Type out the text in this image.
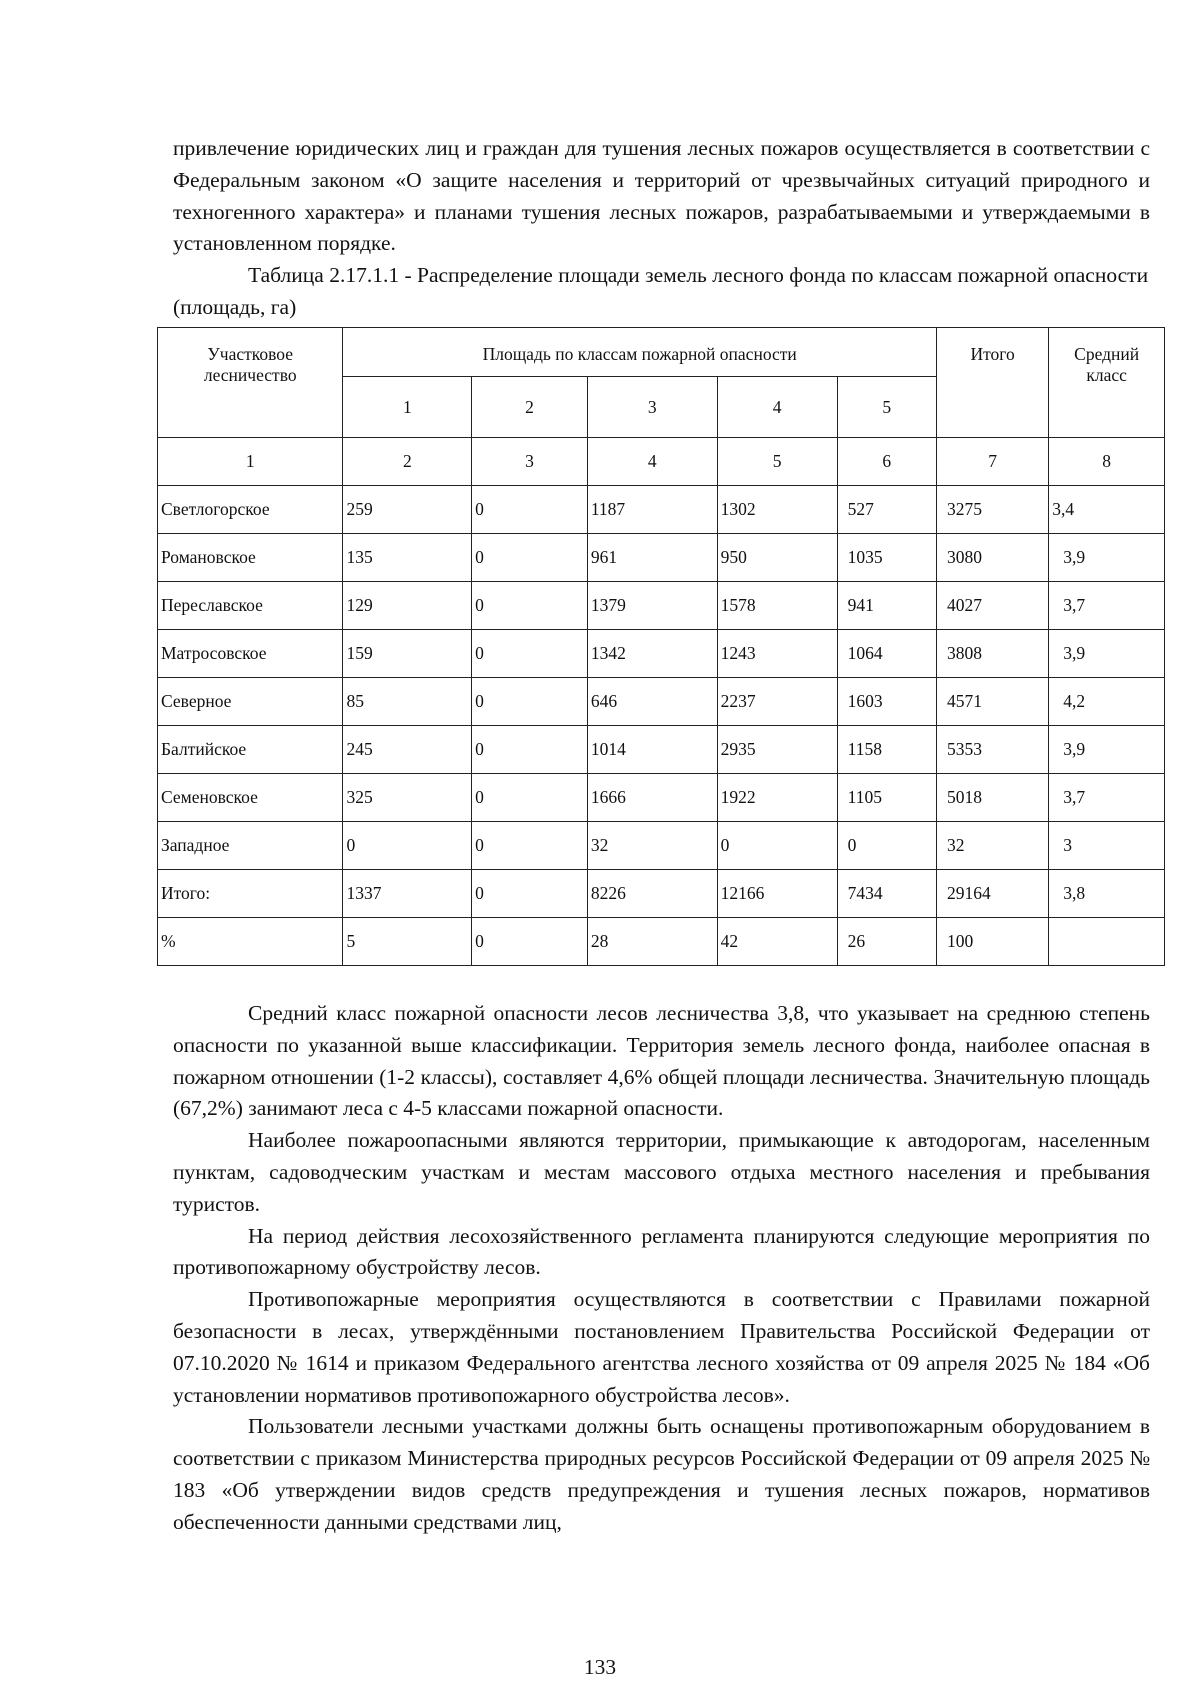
привлечение юридических лиц и граждан для тушения лесных пожаров осуществляется в соответствии с Федеральным законом «О защите населения и территорий от чрезвычайных ситуаций природного и техногенного характера» и планами тушения лесных пожаров, разрабатываемыми и утверждаемыми в установленном порядке.

Таблица 2.17.1.1 - Распределение площади земель лесного фонда по классам пожарной опасности (площадь, га)

Участковое лесничество	Площадь по классам пожарной опасности					Итого	Средний класс
	1	2	3	4	5		
1	2	3	4	5	6	7	8
Светлогорское	259	0	1187	1302	527	3275	3,4
Романовское	135	0	961	950	1035	3080	3,9
Переславское	129	0	1379	1578	941	4027	3,7
Матросовское	159	0	1342	1243	1064	3808	3,9
Северное	85	0	646	2237	1603	4571	4,2
Балтийское	245	0	1014	2935	1158	5353	3,9
Семеновское	325	0	1666	1922	1105	5018	3,7
Западное	0	0	32	0	0	32	3
Итого:	1337	0	8226	12166	7434	29164	3,8
%	5	0	28	42	26	100	

Средний класс пожарной опасности лесов лесничества 3,8, что указывает на среднюю степень опасности по указанной выше классификации. Территория земель лесного фонда, наиболее опасная в пожарном отношении (1-2 классы), составляет 4,6% общей площади лесничества. Значительную площадь (67,2%) занимают леса с 4-5 классами пожарной опасности.

Наиболее пожароопасными являются территории, примыкающие к автодорогам, населенным пунктам, садоводческим участкам и местам массового отдыха местного населения и пребывания туристов.

На период действия лесохозяйственного регламента планируются следующие мероприятия по противопожарному обустройству лесов.

Противопожарные мероприятия осуществляются в соответствии с Правилами пожарной безопасности в лесах, утверждёнными постановлением Правительства Российской Федерации от 07.10.2020 № 1614 и приказом Федерального агентства лесного хозяйства от 09 апреля 2025 № 184 «Об установлении нормативов противопожарного обустройства лесов».

Пользователи лесными участками должны быть оснащены противопожарным оборудованием в соответствии с приказом Министерства природных ресурсов Российской Федерации от 09 апреля 2025 № 183 «Об утверждении видов средств предупреждения и тушения лесных пожаров, нормативов обеспеченности данными средствами лиц,

133
